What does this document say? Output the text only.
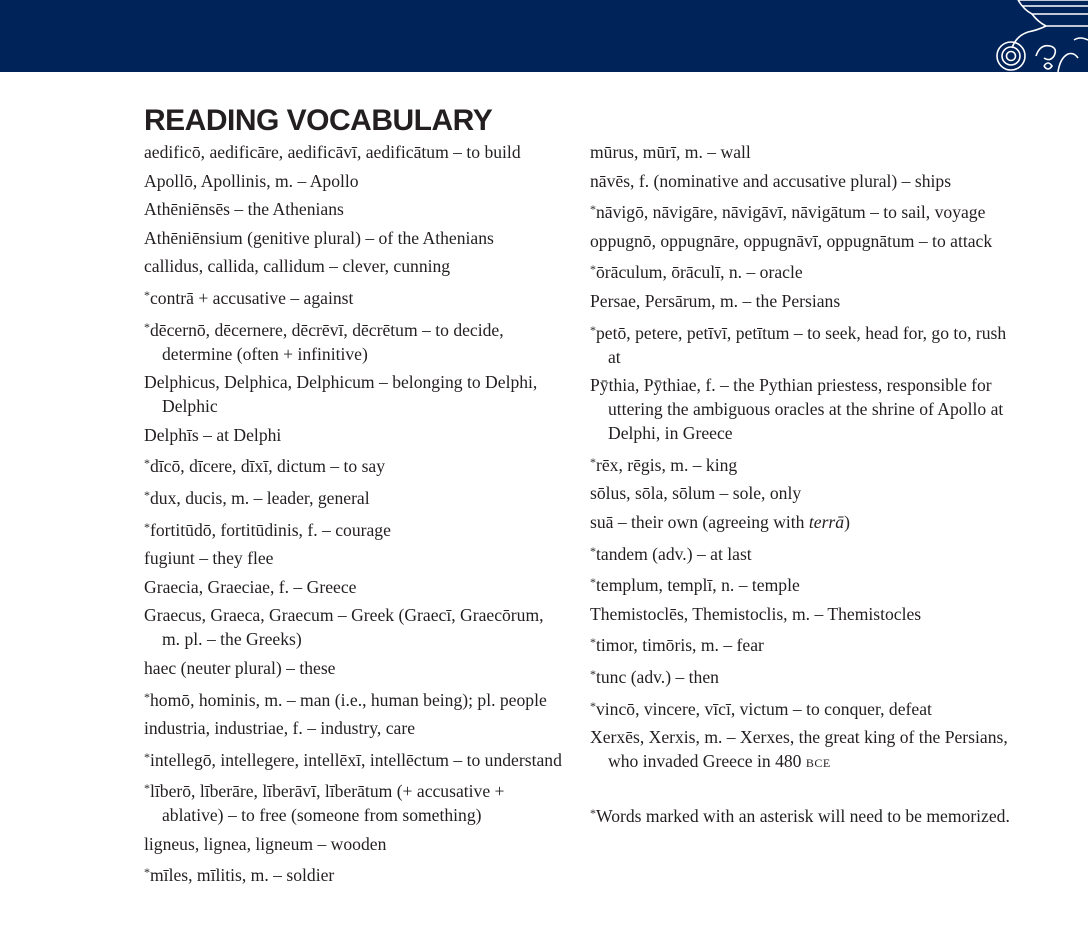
READING VOCABULARY

aedificō, aedificāre, aedificāvī, aedificātum – to build

Apollō, Apollinis, m. – Apollo

Athēniēnsēs – the Athenians

Athēniēnsium (genitive plural) – of the Athenians

callidus, callida, callidum – clever, cunning

*contrā + accusative – against

*dēcernō, dēcernere, dēcrēvī, dēcrētum – to decide, determine (often + infinitive)

Delphicus, Delphica, Delphicum – belonging to Delphi, Delphic

Delphīs – at Delphi

*dīcō, dīcere, dīxī, dictum – to say

*dux, ducis, m. – leader, general

*fortitūdō, fortitūdinis, f. – courage

fugiunt – they flee

Graecia, Graeciae, f. – Greece

Graecus, Graeca, Graecum – Greek (Graecī, Graecōrum, m. pl. – the Greeks)

haec (neuter plural) – these

*homō, hominis, m. – man (i.e., human being); pl. people

industria, industriae, f. – industry, care

*intellegō, intellegere, intellēxī, intellēctum – to understand

*līberō, līberāre, līberāvī, līberātum (+ accusative + ablative) – to free (someone from something)

ligneus, lignea, ligneum – wooden

*mīles, mīlitis, m. – soldier

mūrus, mūrī, m. – wall

nāvēs, f. (nominative and accusative plural) – ships

*nāvigō, nāvigāre, nāvigāvī, nāvigātum – to sail, voyage

oppugnō, oppugnāre, oppugnāvī, oppugnātum – to attack

*ōrāculum, ōrāculī, n. – oracle

Persae, Persārum, m. – the Persians

*petō, petere, petīvī, petītum – to seek, head for, go to, rush at

Pȳthia, Pȳthiae, f. – the Pythian priestess, responsible for uttering the ambiguous oracles at the shrine of Apollo at Delphi, in Greece

*rēx, rēgis, m. – king

sōlus, sōla, sōlum – sole, only

suā – their own (agreeing with terrā)

*tandem (adv.) – at last

*templum, templī, n. – temple

Themistoclēs, Themistoclis, m. – Themistocles

*timor, timōris, m. – fear

*tunc (adv.) – then

*vincō, vincere, vīcī, victum – to conquer, defeat

Xerxēs, Xerxis, m. – Xerxes, the great king of the Persians, who invaded Greece in 480 bce

*Words marked with an asterisk will need to be memorized.
